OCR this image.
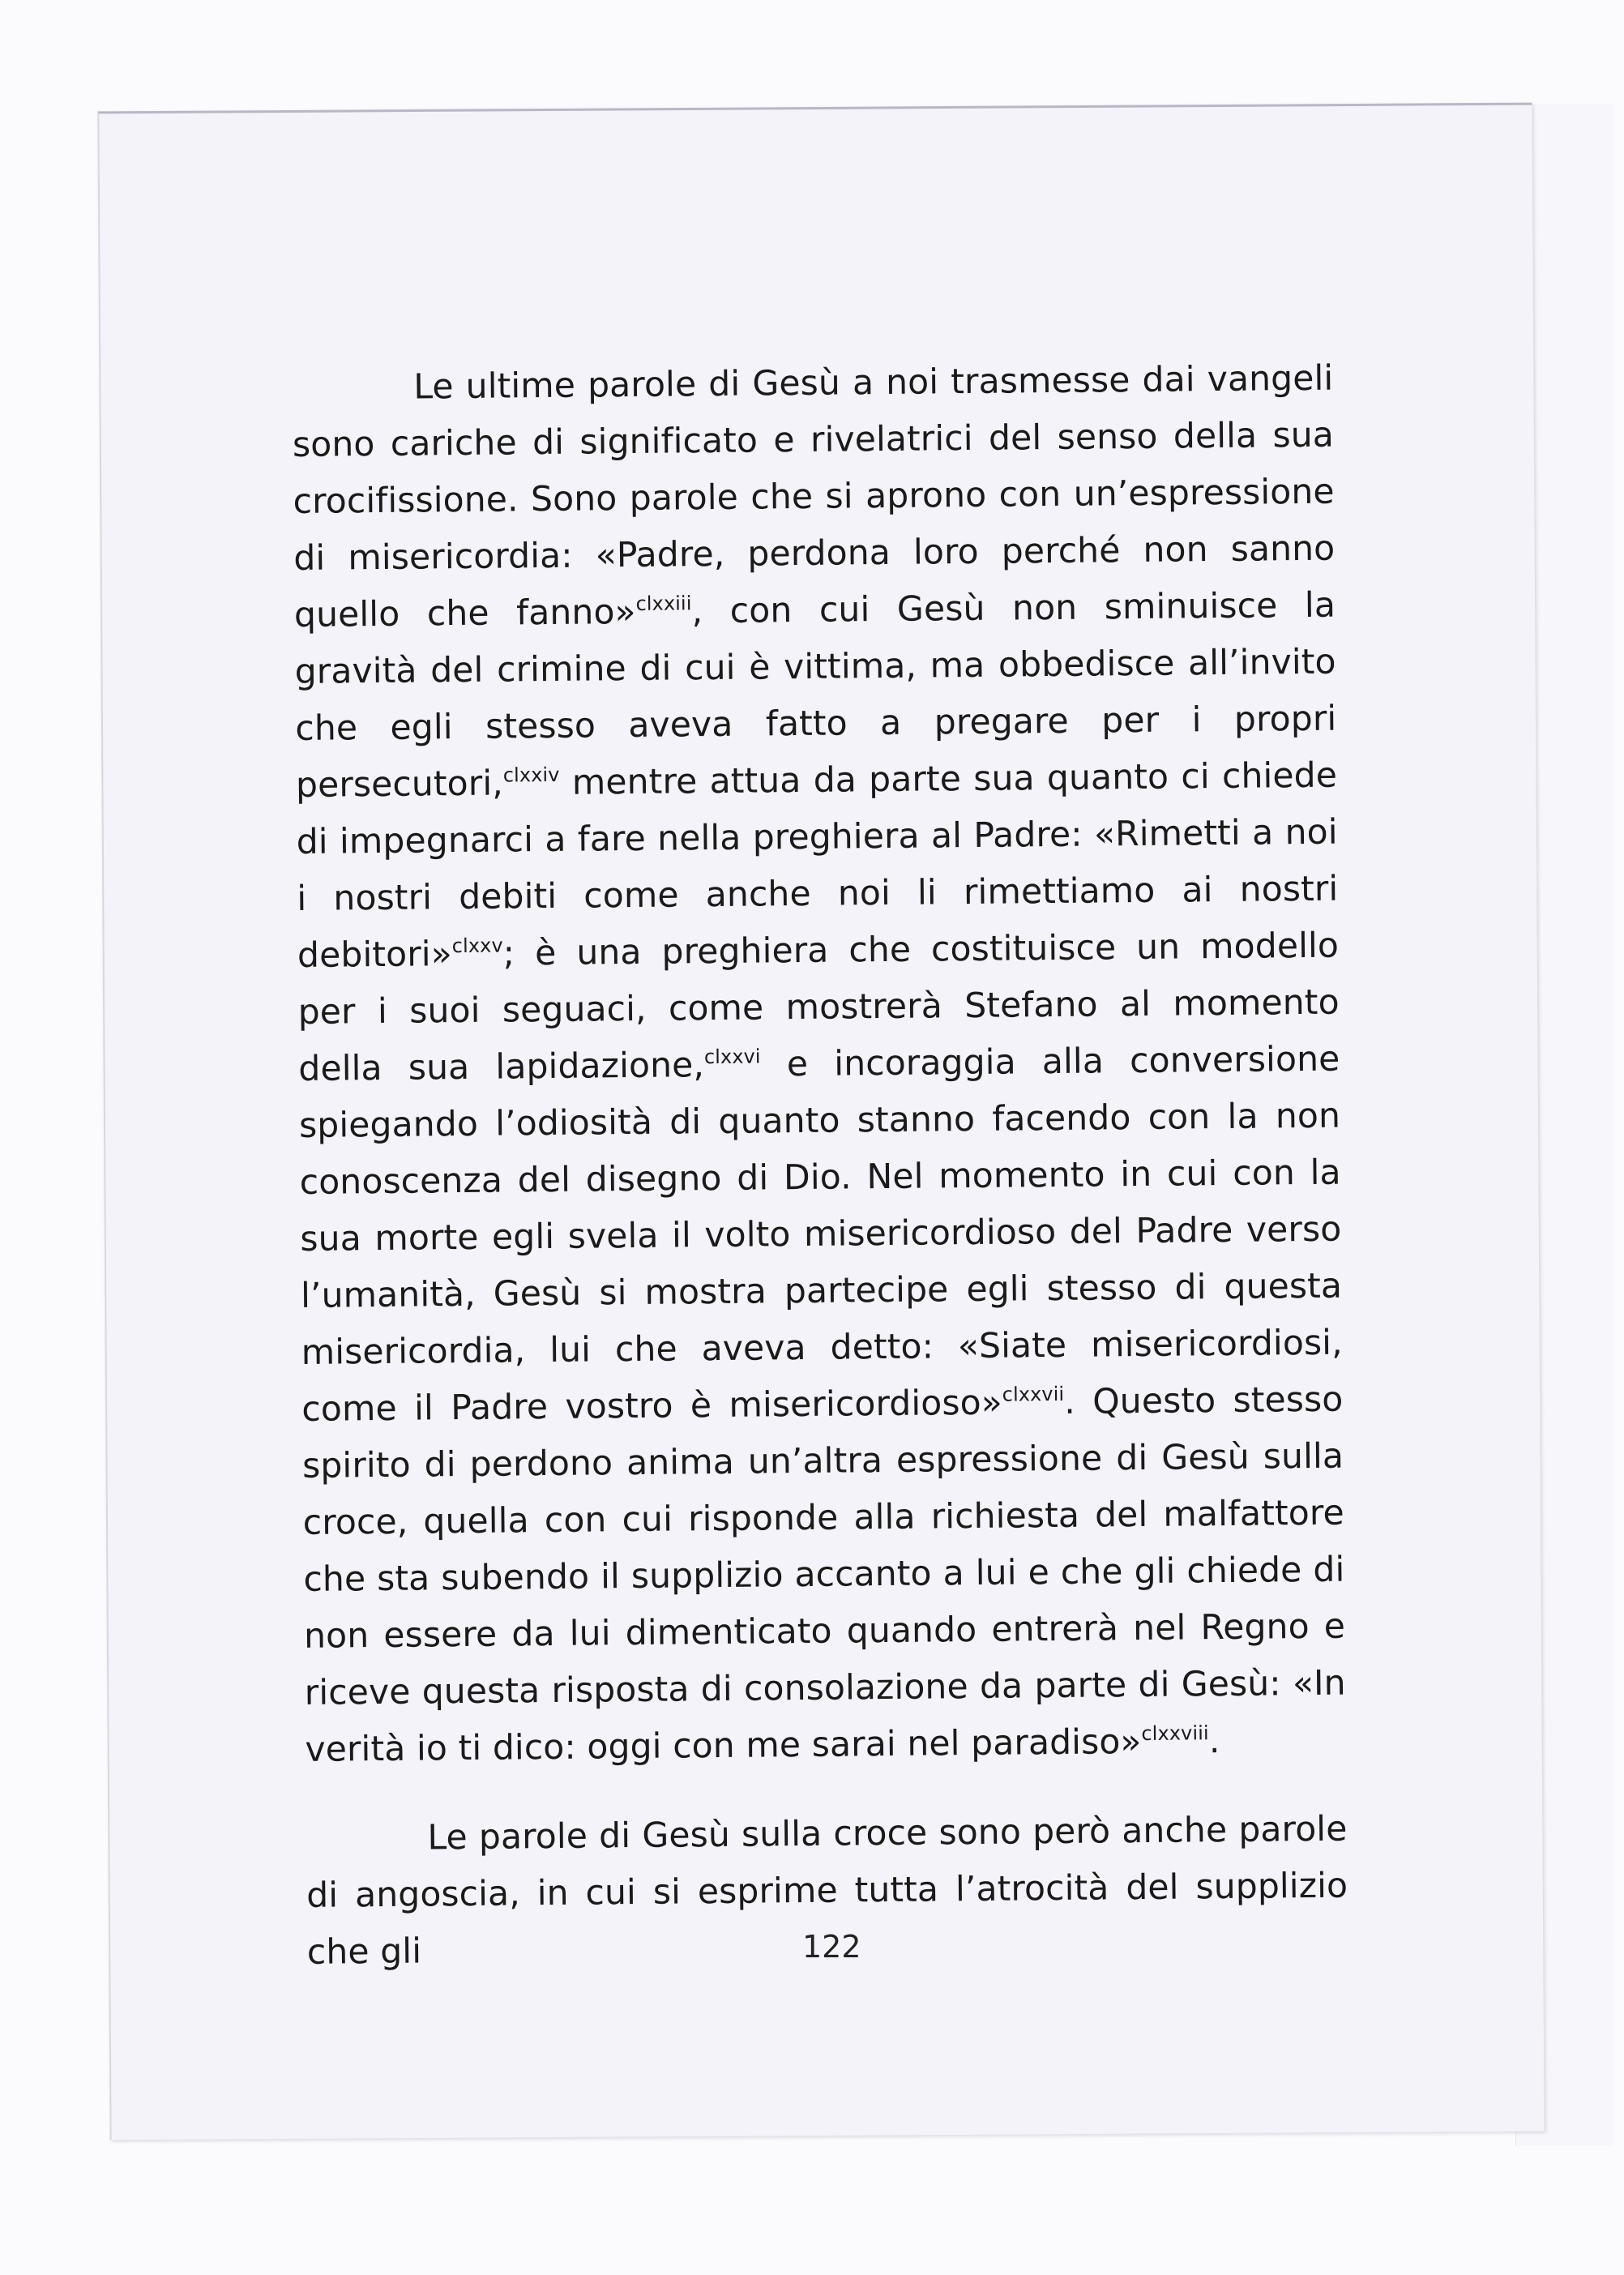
Le ultime parole di Gesù a noi trasmesse dai vangeli sono cariche di significato e rivelatrici del senso della sua crocifissione. Sono parole che si aprono con un’espressione di misericordia: «Padre, perdona loro perché non sanno quello che fanno»$^{clxxiii}$, con cui Gesù non sminuisce la gravità del crimine di cui è vittima, ma obbedisce all’invito che egli stesso aveva fatto a pregare per i propri persecutori,$^{clxxiv}$ mentre attua da parte sua quanto ci chiede di impegnarci a fare nella preghiera al Padre: «Rimetti a noi i nostri debiti come anche noi li rimettiamo ai nostri debitori»$^{clxxv}$; è una preghiera che costituisce un modello per i suoi seguaci, come mostrerà Stefano al momento della sua lapidazione,$^{clxxvi}$ e incoraggia alla conversione spiegando l’odiosità di quanto stanno facendo con la non conoscenza del disegno di Dio. Nel momento in cui con la sua morte egli svela il volto misericordioso del Padre verso l’umanità, Gesù si mostra partecipe egli stesso di questa misericordia, lui che aveva detto: «Siate misericordiosi, come il Padre vostro è misericordioso»$^{clxxvii}$. Questo stesso spirito di perdono anima un’altra espressione di Gesù sulla croce, quella con cui risponde alla richiesta del malfattore che sta subendo il supplizio accanto a lui e che gli chiede di non essere da lui dimenticato quando entrerà nel Regno e riceve questa risposta di consolazione da parte di Gesù: «In verità io ti dico: oggi con me sarai nel paradiso»$^{clxxviii}$.

Le parole di Gesù sulla croce sono però anche parole di angoscia, in cui si esprime tutta l’atrocità del supplizio che gli	122
